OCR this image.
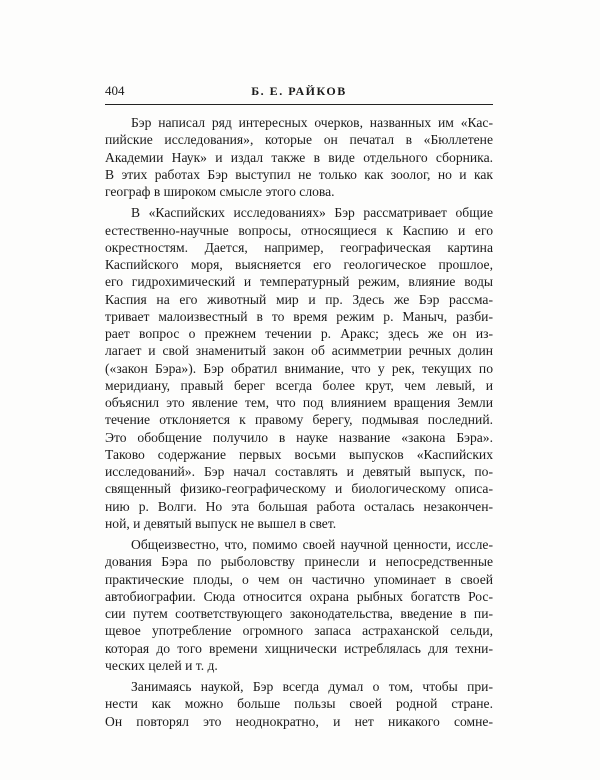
404	Б. Е. РАЙКОВ
Бэр написал ряд интересных очерков, названных им «Кас-
пийские исследования», которые он печатал в «Бюллетене
Академии Наук» и издал также в виде отдельного сборника.
В этих работах Бэр выступил не только как зоолог, но и как
географ в широком смысле этого слова.
В «Каспийских исследованиях» Бэр рассматривает общие
естественно-научные вопросы, относящиеся к Каспию и его
окрестностям. Дается, например, географическая картина
Каспийского моря, выясняется его геологическое прошлое,
его гидрохимический и температурный режим, влияние воды
Каспия на его животный мир и пр. Здесь же Бэр рассма-
тривает малоизвестный в то время режим р. Маныч, разби-
рает вопрос о прежнем течении р. Аракс; здесь же он из-
лагает и свой знаменитый закон об асимметрии речных долин
(«закон Бэра»). Бэр обратил внимание, что у рек, текущих по
меридиану, правый берег всегда более крут, чем левый, и
объяснил это явление тем, что под влиянием вращения Земли
течение отклоняется к правому берегу, подмывая последний.
Это обобщение получило в науке название «закона Бэра».
Таково содержание первых восьми выпусков «Каспийских
исследований». Бэр начал составлять и девятый выпуск, по-
священный физико-географическому и биологическому описа-
нию р. Волги. Но эта большая работа осталась незакончен-
ной, и девятый выпуск не вышел в свет.
Общеизвестно, что, помимо своей научной ценности, иссле-
дования Бэра по рыболовству принесли и непосредственные
практические плоды, о чем он частично упоминает в своей
автобиографии. Сюда относится охрана рыбных богатств Рос-
сии путем соответствующего законодательства, введение в пи-
щевое употребление огромного запаса астраханской сельди,
которая до того времени хищнически истреблялась для техни-
ческих целей и т. д.
Занимаясь наукой, Бэр всегда думал о том, чтобы при-
нести как можно больше пользы своей родной стране.
Он повторял это неоднократно, и нет никакого сомне-
